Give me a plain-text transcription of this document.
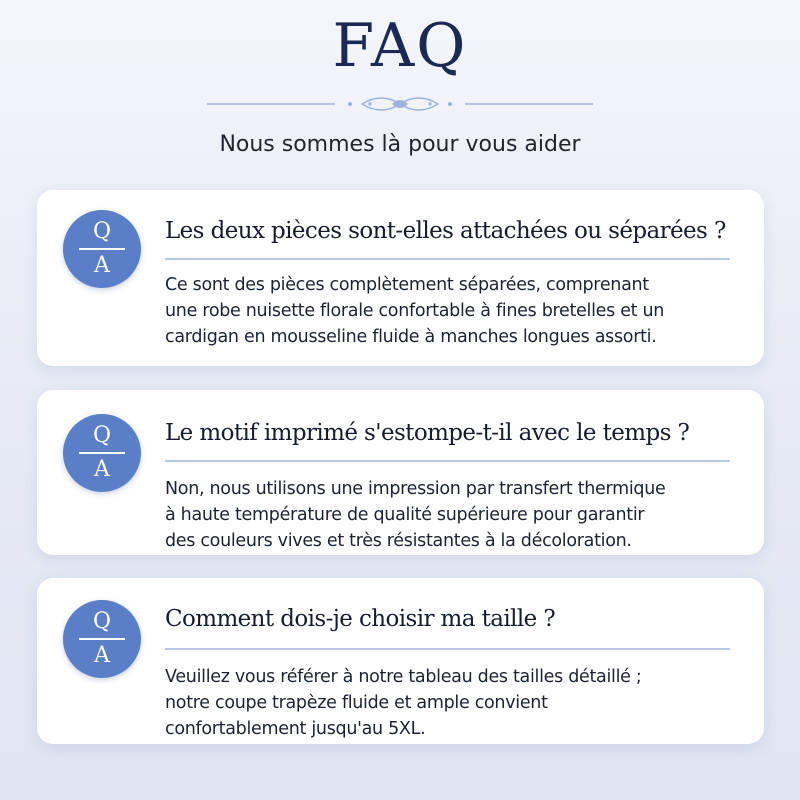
FAQ
Nous sommes là pour vous aider
Q
A
Les deux pièces sont-elles attachées ou séparées ?
Ce sont des pièces complètement séparées, comprenant
une robe nuisette florale confortable à fines bretelles et un
cardigan en mousseline fluide à manches longues assorti.
Q
A
Le motif imprimé s'estompe-t-il avec le temps ?
Non, nous utilisons une impression par transfert thermique
à haute température de qualité supérieure pour garantir
des couleurs vives et très résistantes à la décoloration.
Q
A
Comment dois-je choisir ma taille ?
Veuillez vous référer à notre tableau des tailles détaillé ;
notre coupe trapèze fluide et ample convient
confortablement jusqu'au 5XL.
